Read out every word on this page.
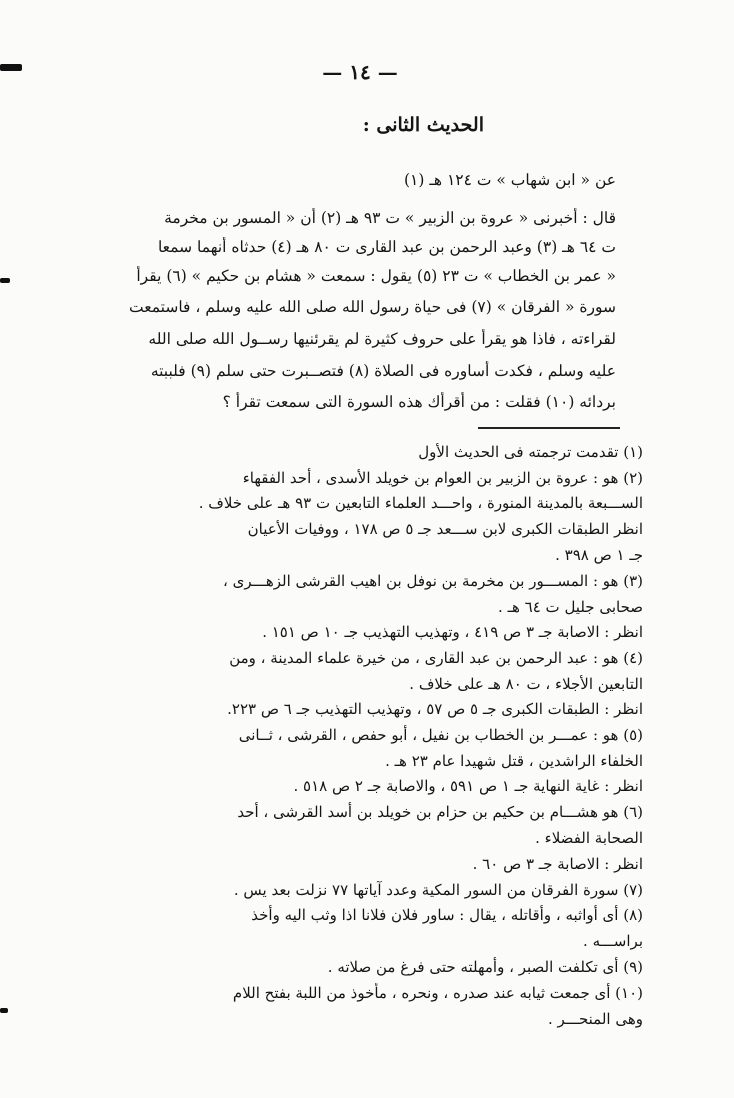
— ١٤ —
الحديث الثانى :
عن « ابن شهاب » ت ١٢٤ هـ (١)
قال : أخبرنى « عروة بن الزبير » ت ٩٣ هـ (٢) أن « المسور بن مخرمة
ت ٦٤ هـ (٣) وعبد الرحمن بن عبد القارى ت ٨٠ هـ (٤) حدثاه أنهما سمعا
« عمر بن الخطاب » ت ٢٣ (٥) يقول : سمعت « هشام بن حكيم » (٦) يقرأ
سورة « الفرقان » (٧) فى حياة رسول الله صلى الله عليه وسلم ، فاستمعت
لقراءته ، فاذا هو يقرأ على حروف كثيرة لم يقرئنيها رســول الله صلى الله
عليه وسلم ، فكدت أساوره فى الصلاة (٨) فتصــبرت حتى سلم (٩) فلببته
بردائه (١٠) فقلت : من أقرأك هذه السورة التى سمعت تقرأ ؟
(١) تقدمت ترجمته فى الحديث الأول
(٢) هو : عروة بن الزبير بن العوام بن خويلد الأسدى ، أحد الفقهاء
الســـبعة بالمدينة المنورة ، واحـــد العلماء التابعين ت ٩٣ هـ على خلاف .
انظر الطبقات الكبرى لابن ســـعد جـ ٥ ص ١٧٨ ، ووفيات الأعيان
جـ ١ ص ٣٩٨ .
(٣) هو : المســـور بن مخرمة بن نوفل بن اهيب القرشى الزهـــرى ،
صحابى جليل ت ٦٤ هـ .
انظر : الاصابة جـ ٣ ص ٤١٩ ، وتهذيب التهذيب جـ ١٠ ص ١٥١ .
(٤) هو : عبد الرحمن بن عبد القارى ، من خيرة علماء المدينة ، ومن
التابعين الأجلاء ، ت ٨٠ هـ على خلاف .
انظر : الطبقات الكبرى جـ ٥ ص ٥٧ ، وتهذيب التهذيب جـ ٦ ص ٢٢٣.
(٥) هو : عمـــر بن الخطاب بن نفيل ، أبو حفص ، القرشى ، ثــانى
الخلفاء الراشدين ، قتل شهيدا عام ٢٣ هـ .
انظر : غاية النهاية جـ ١ ص ٥٩١ ، والاصابة جـ ٢ ص ٥١٨ .
(٦) هو هشـــام بن حكيم بن حزام بن خويلد بن أسد القرشى ، أحد
الصحابة الفضلاء .
انظر : الاصابة جـ ٣ ص ٦٠ .
(٧) سورة الفرقان من السور المكية وعدد آياتها ٧٧ نزلت بعد يس .
(٨) أى أواثبه ، وأقاتله ، يقال : ساور فلان فلانا اذا وثب اليه وأخذ
براســـه .
(٩) أى تكلفت الصبر ، وأمهلته حتى فرغ من صلاته .
(١٠) أى جمعت ثيابه عند صدره ، ونحره ، مأخوذ من اللبة بفتح اللام
وهى المنحـــر .
